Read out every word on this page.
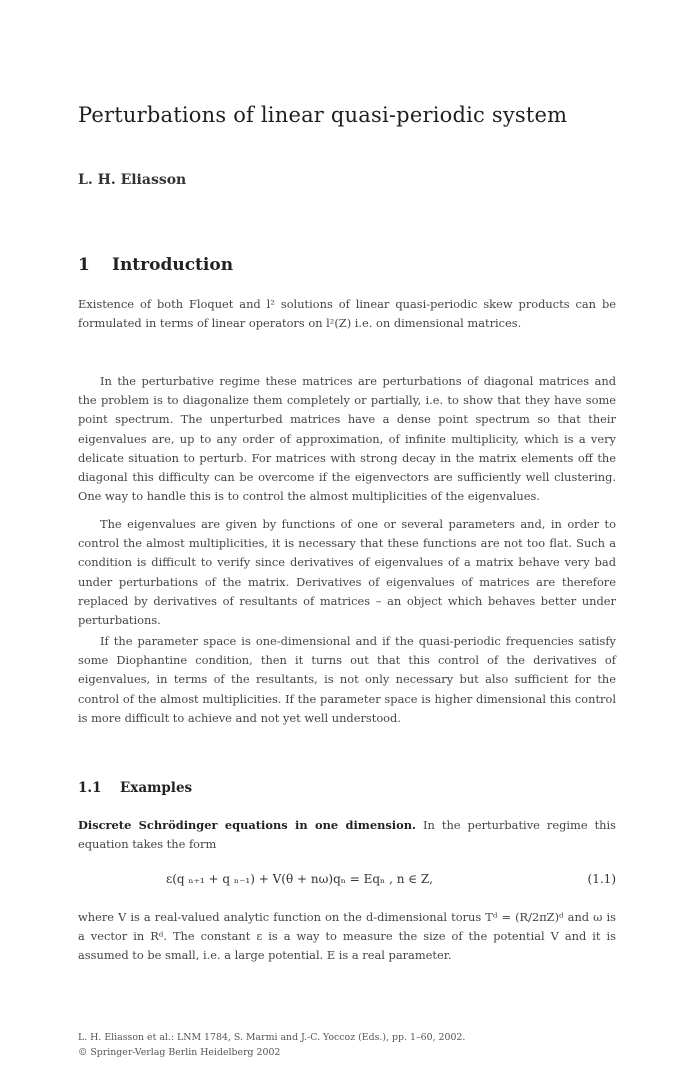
Perturbations of linear quasi-periodic system
L. H. Eliasson
1 Introduction
Existence of both Floquet and l² solutions of linear quasi-periodic skew products can be formulated in terms of linear operators on l²(Z) i.e. on dimensional matrices.
In the perturbative regime these matrices are perturbations of diagonal matrices and the problem is to diagonalize them completely or partially, i.e. to show that they have some point spectrum. The unperturbed matrices have a dense point spectrum so that their eigenvalues are, up to any order of approximation, of infinite multiplicity, which is a very delicate situation to perturb. For matrices with strong decay in the matrix elements off the diagonal this difficulty can be overcome if the eigenvectors are sufficiently well clustering. One way to handle this is to control the almost multiplicities of the eigenvalues.
The eigenvalues are given by functions of one or several parameters and, in order to control the almost multiplicities, it is necessary that these functions are not too flat. Such a condition is difficult to verify since derivatives of eigenvalues of a matrix behave very bad under perturbations of the matrix. Derivatives of eigenvalues of matrices are therefore replaced by derivatives of resultants of matrices – an object which behaves better under perturbations.
If the parameter space is one-dimensional and if the quasi-periodic frequencies satisfy some Diophantine condition, then it turns out that this control of the derivatives of eigenvalues, in terms of the resultants, is not only necessary but also sufficient for the control of the almost multiplicities. If the parameter space is higher dimensional this control is more difficult to achieve and not yet well understood.
1.1 Examples
Discrete Schrödinger equations in one dimension. In the perturbative regime this equation takes the form
ε(q ₙ₊₁ + q ₙ₋₁) + V(θ + nω)qₙ = Eqₙ , n ∈ Z,	(1.1)
where V is a real-valued analytic function on the d-dimensional torus Tᵈ = (R/2πZ)ᵈ and ω is a vector in Rᵈ. The constant ε is a way to measure the size of the potential V and it is assumed to be small, i.e. a large potential. E is a real parameter.
L. H. Eliasson et al.: LNM 1784, S. Marmi and J.-C. Yoccoz (Eds.), pp. 1–60, 2002.
© Springer-Verlag Berlin Heidelberg 2002
